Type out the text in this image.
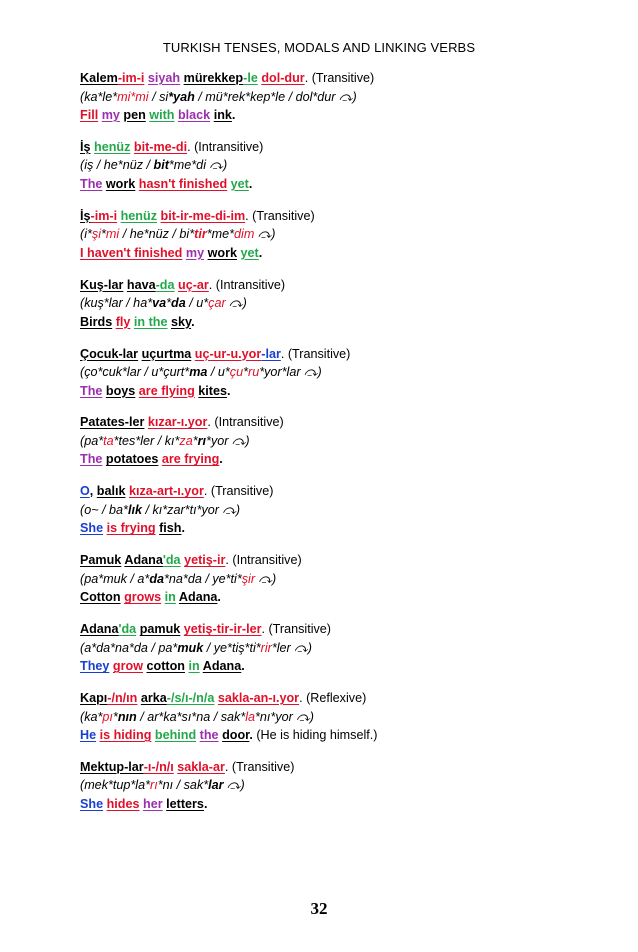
TURKISH TENSES, MODALS AND LINKING VERBS
Kalem-im-i siyah mürekkep-le dol-dur. (Transitive)
(ka*le*mi*mi / si*yah / mü*rek*kep*le / dol*dur ⤼)
Fill my pen with black ink.
İş henüz bit-me-di. (Intransitive)
(iş / he*nüz / bit*me*di ⤼)
The work hasn't finished yet.
İş-im-i henüz bit-ir-me-di-im. (Transitive)
(i*şi*mi / he*nüz / bi*tir*me*dim ⤼)
I haven't finished my work yet.
Kuş-lar hava-da uç-ar. (Intransitive)
(kuş*lar / ha*va*da / u*çar ⤼)
Birds fly in the sky.
Çocuk-lar uçurtma uç-ur-u.yor-lar. (Transitive)
(ço*cuk*lar / u*çurt*ma / u*çu*ru*yor*lar ⤼)
The boys are flying kites.
Patates-ler kızar-ı.yor. (Intransitive)
(pa*ta*tes*ler / kı*za*rı*yor ⤼)
The potatoes are frying.
O, balık kıza-art-ı.yor. (Transitive)
(o~ / ba*lık / kı*zar*tı*yor ⤼)
She is frying fish.
Pamuk Adana'da yetiş-ir. (Intransitive)
(pa*muk / a*da*na*da / ye*ti*şir ⤼)
Cotton grows in Adana.
Adana'da pamuk yetiş-tir-ir-ler. (Transitive)
(a*da*na*da / pa*muk / ye*tiş*ti*rir*ler ⤼)
They grow cotton in Adana.
Kapı-/n/ın arka-/s/ı-/n/a sakla-an-ı.yor. (Reflexive)
(ka*pı*nın / ar*ka*sı*na / sak*la*nı*yor ⤼)
He is hiding behind the door. (He is hiding himself.)
Mektup-lar-ı-/n/ı sakla-ar. (Transitive)
(mek*tup*la*rı*nı / sak*lar ⤼)
She hides her letters.
32
